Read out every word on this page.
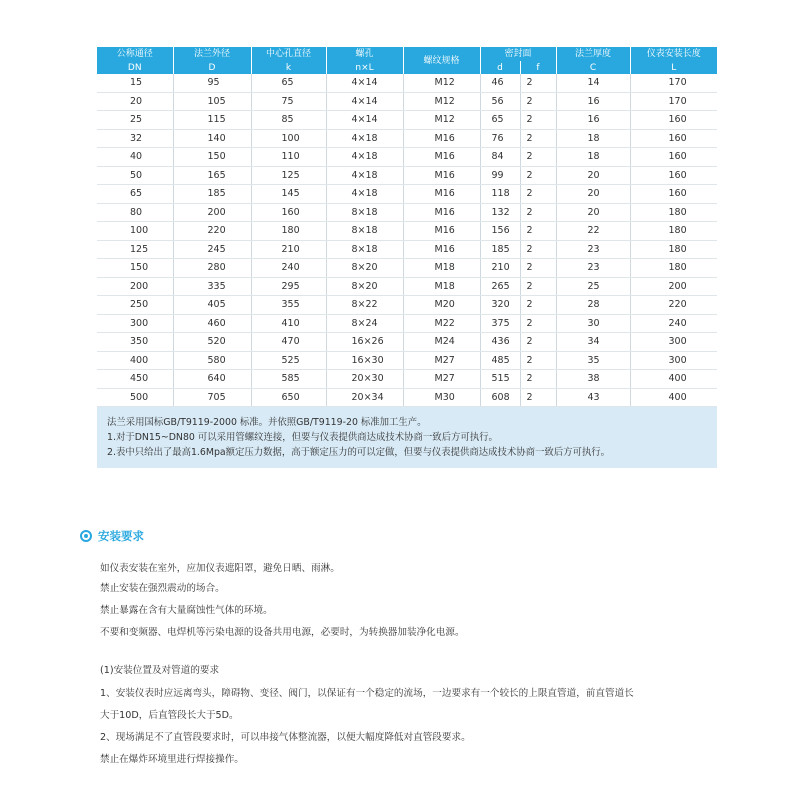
公称通径	法兰外径	中心孔直径	螺孔	螺纹规格	密封面		法兰厚度	仪表安装长度
DN	D	k	n×L		d	f	C	L
15	95	65	4×14	M12	46	2	14	170
20	105	75	4×14	M12	56	2	16	170
25	115	85	4×14	M12	65	2	16	160
32	140	100	4×18	M16	76	2	18	160
40	150	110	4×18	M16	84	2	18	160
50	165	125	4×18	M16	99	2	20	160
65	185	145	4×18	M16	118	2	20	160
80	200	160	8×18	M16	132	2	20	180
100	220	180	8×18	M16	156	2	22	180
125	245	210	8×18	M16	185	2	23	180
150	280	240	8×20	M18	210	2	23	180
200	335	295	8×20	M18	265	2	25	200
250	405	355	8×22	M20	320	2	28	220
300	460	410	8×24	M22	375	2	30	240
350	520	470	16×26	M24	436	2	34	300
400	580	525	16×30	M27	485	2	35	300
450	640	585	20×30	M27	515	2	38	400
500	705	650	20×34	M30	608	2	43	400
法兰采用国标GB/T9119-2000 标准。并依照GB/T9119-20 标准加工生产。
1.对于DN15~DN80 可以采用管螺纹连接，但要与仪表提供商达成技术协商一致后方可执行。
2.表中只给出了最高1.6Mpa额定压力数据，高于额定压力的可以定做，但要与仪表提供商达成技术协商一致后方可执行。
安装要求
如仪表安装在室外，应加仪表遮阳罩，避免日晒、雨淋。
禁止安装在强烈震动的场合。
禁止暴露在含有大量腐蚀性气体的环境。
不要和变频器、电焊机等污染电源的设备共用电源，必要时，为转换器加装净化电源。
(1)安装位置及对管道的要求
1、安装仪表时应远离弯头，障碍物、变径、阀门，以保证有一个稳定的流场，一边要求有一个较长的上限直管道，前直管道长
大于10D，后直管段长大于5D。
2、现场满足不了直管段要求时，可以串接气体整流器，以便大幅度降低对直管段要求。
禁止在爆炸环境里进行焊接操作。
